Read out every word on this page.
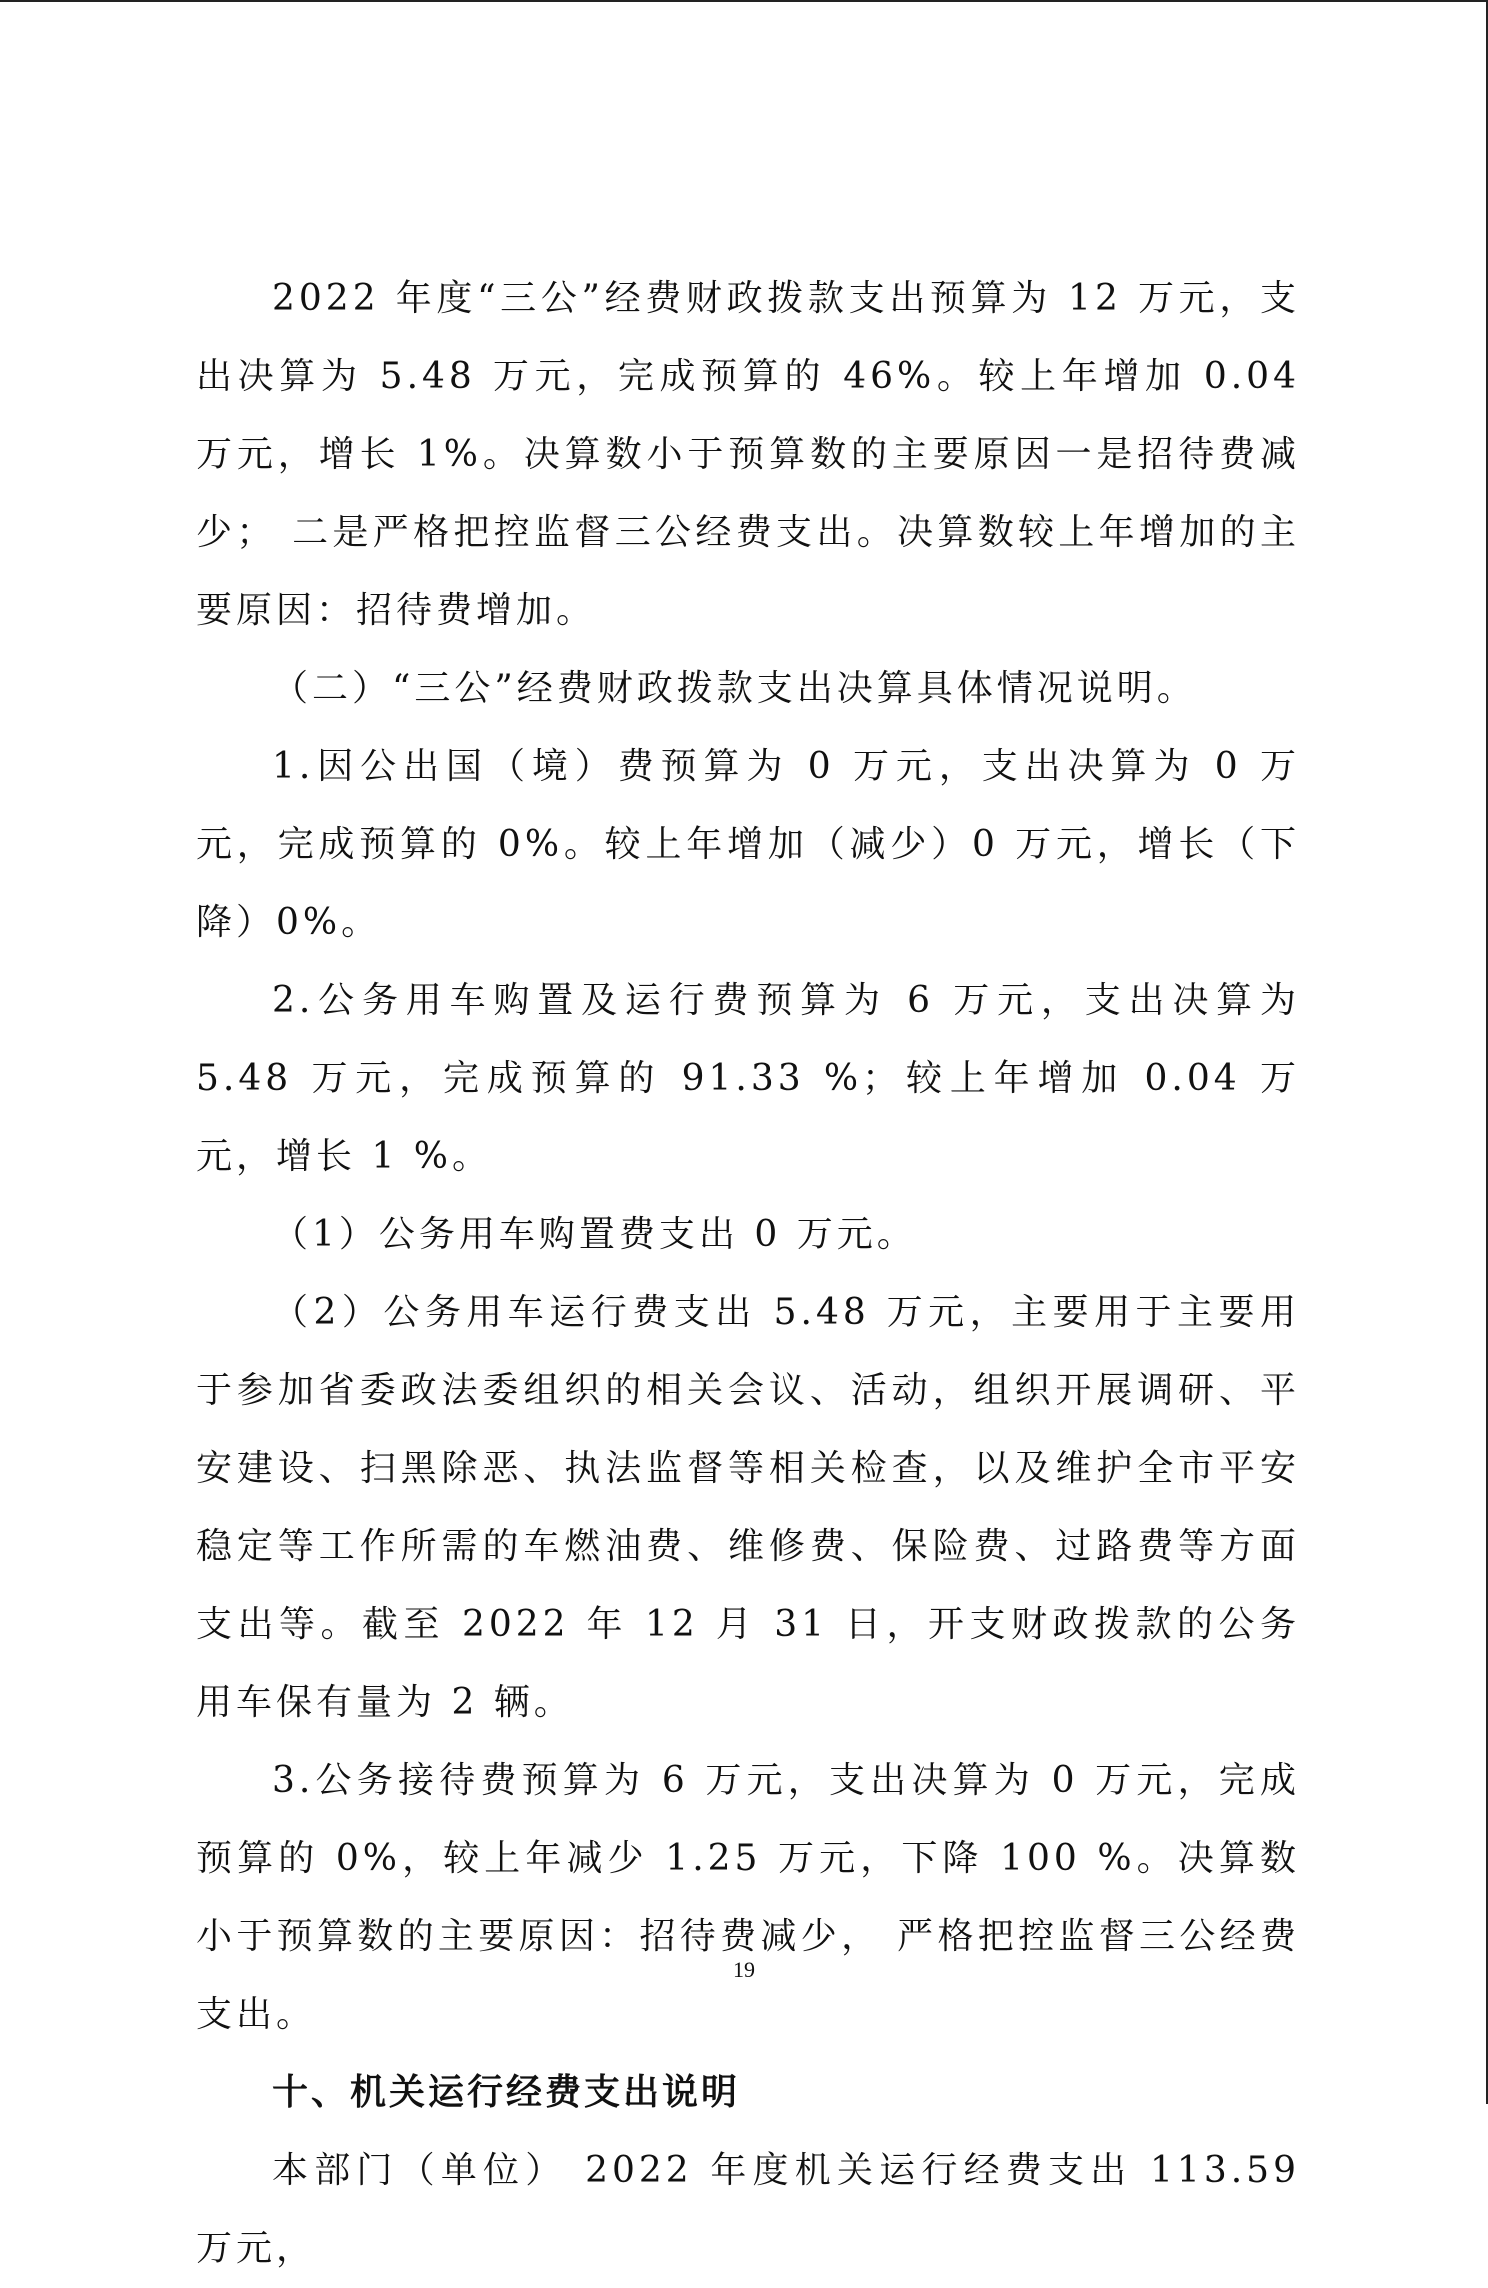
2022 年度“三公”经费财政拨款支出预算为 12 万元，支出决算为 5.48 万元，完成预算的 46%。较上年增加 0.04 万元，增长 1%。决算数小于预算数的主要原因一是招待费减少； 二是严格把控监督三公经费支出。决算数较上年增加的主要原因：招待费增加。

（二）“三公”经费财政拨款支出决算具体情况说明。

1.因公出国（境）费预算为 0 万元，支出决算为 0 万元，完成预算的 0%。较上年增加（减少）0 万元，增长（下降）0%。

2.公务用车购置及运行费预算为 6 万元，支出决算为 5.48 万元，完成预算的 91.33 %；较上年增加 0.04 万元，增长 1 %。

（1）公务用车购置费支出 0 万元。

（2）公务用车运行费支出 5.48 万元，主要用于主要用于参加省委政法委组织的相关会议、活动，组织开展调研、平安建设、扫黑除恶、执法监督等相关检查，以及维护全市平安稳定等工作所需的车燃油费、维修费、保险费、过路费等方面支出等。截至 2022 年 12 月 31 日，开支财政拨款的公务用车保有量为 2 辆。

3.公务接待费预算为 6 万元，支出决算为 0 万元，完成预算的 0%，较上年减少 1.25 万元，下降 100 %。决算数小于预算数的主要原因：招待费减少， 严格把控监督三公经费支出。

十、机关运行经费支出说明

本部门（单位） 2022 年度机关运行经费支出 113.59 万元，

19
